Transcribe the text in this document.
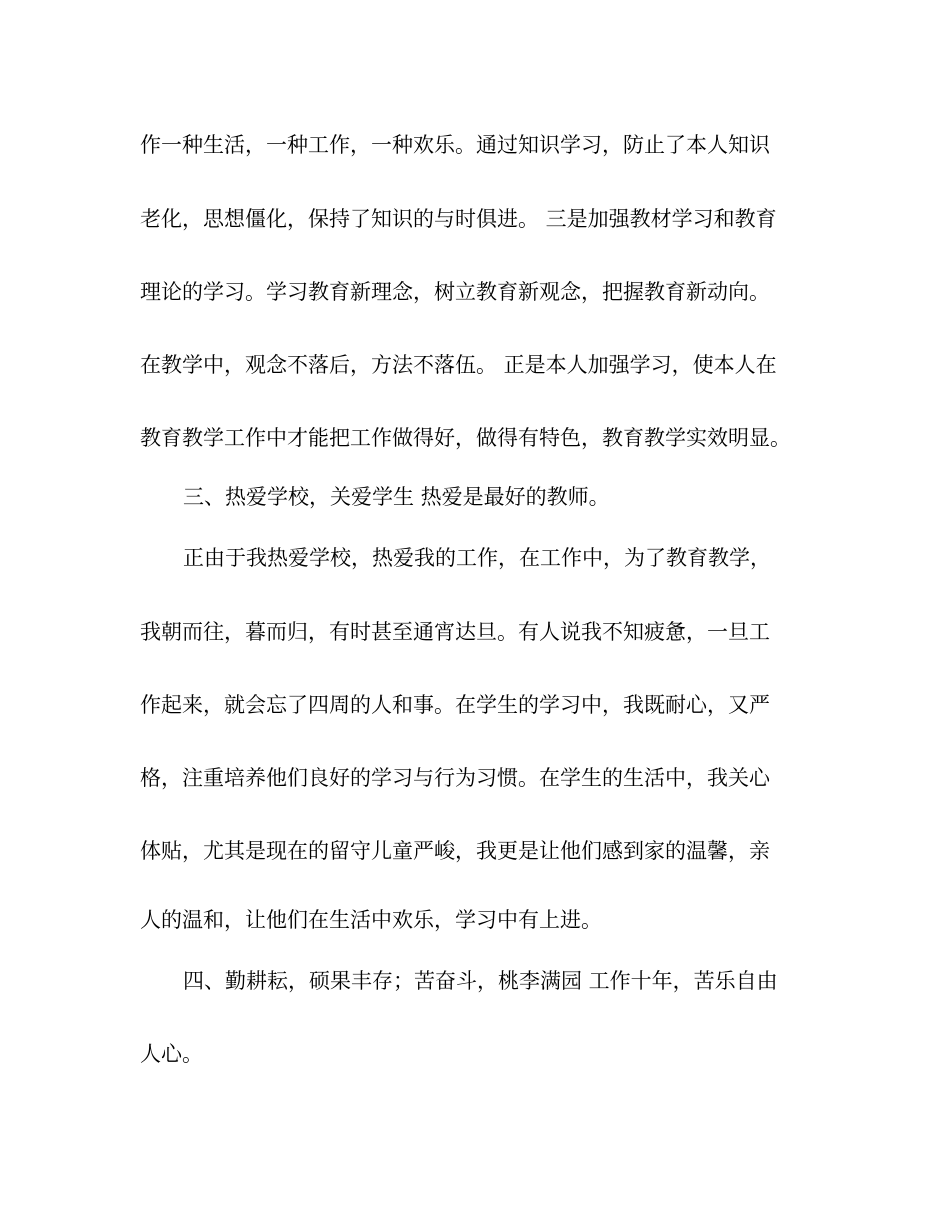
作一种生活，一种工作，一种欢乐。通过知识学习，防止了本人知识

老化，思想僵化，保持了知识的与时俱进。 三是加强教材学习和教育

理论的学习。学习教育新理念，树立教育新观念，把握教育新动向。

在教学中，观念不落后，方法不落伍。 正是本人加强学习，使本人在

教育教学工作中才能把工作做得好，做得有特色，教育教学实效明显。

三、热爱学校，关爱学生 热爱是最好的教师。

正由于我热爱学校，热爱我的工作，在工作中，为了教育教学，

我朝而往，暮而归，有时甚至通宵达旦。有人说我不知疲惫，一旦工

作起来，就会忘了四周的人和事。在学生的学习中，我既耐心，又严

格，注重培养他们良好的学习与行为习惯。在学生的生活中，我关心

体贴，尤其是现在的留守儿童严峻，我更是让他们感到家的温馨，亲

人的温和，让他们在生活中欢乐，学习中有上进。

四、勤耕耘，硕果丰存；苦奋斗，桃李满园 工作十年，苦乐自由

人心。
